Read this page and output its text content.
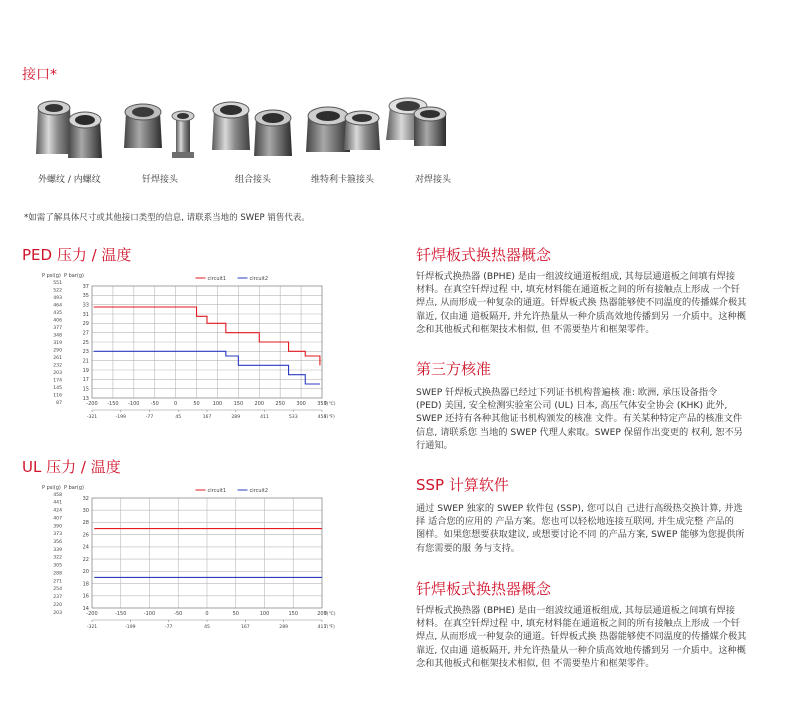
接口*
外螺纹 / 内螺纹	钎焊接头	组合接头	维特利卡箍接头	对焊接头
*如需了解具体尺寸或其他接口类型的信息, 请联系当地的 SWEP 销售代表。
PED 压力 / 温度
P psi(g) P bar(g)	circuit1	circuit2
37
35
33
31
29
27
25
23
21
19
17
15
13
551
522
493
464
435
406
377
348
319
290
261
232
203
174
145
116
87	-200 -150 -100 -50	0	50	100 150 200 250 300 350
T(℃)
-321	-199	-77	45	167	289	411	533	456
T(℉)
UL 压力 / 温度
P psi(g) P bar(g)	circuit1	circuit2
32
30
28
26
24
22
20
18
16
14
458
441
424
407
390
373
356
339
322
305
288
271
254
237
220
203	-200	-150	-100	-50	0	50	100	150	200
T(℃)
-321	-199	-77	45	167	289	411
T(℉)
钎焊板式换热器概念
钎焊板式换热器 (BPHE) 是由一组波纹通道板组成, 其每层通道板之间填有焊接
材料。在真空钎焊过程 中, 填充材料能在通道板之间的所有接触点上形成 一个钎
焊点, 从而形成一种复杂的通道。钎焊板式换 热器能够使不同温度的传播媒介极其
靠近, 仅由通 道板隔开, 并允许热量从一种介质高效地传播到另 一介质中。这种概
念和其他板式和框架技术相似, 但 不需要垫片和框架零件。
第三方核准
SWEP 钎焊板式换热器已经过下列证书机构普遍核 准: 欧洲, 承压设备指令
(PED) 美国, 安全检测实验室公司 (UL) 日本, 高压气体安全协会 (KHK) 此外,
SWEP 还持有各种其他证书机构颁发的核准 文件。有关某种特定产品的核准文件
信息, 请联系您 当地的 SWEP 代理人索取。SWEP 保留作出变更的 权利, 恕不另
行通知。
SSP 计算软件
通过 SWEP 独家的 SWEP 软件包 (SSP), 您可以自 己进行高级热交换计算, 并选
择 适合您的应用的 产品方案。您也可以轻松地连接互联网, 并生成完整 产品的
图样。如果您想要获取建议, 或想要讨论不同 的产品方案, SWEP 能够为您提供所
有您需要的服 务与支持。
钎焊板式换热器概念
钎焊板式换热器 (BPHE) 是由一组波纹通道板组成, 其每层通道板之间填有焊接
材料。在真空钎焊过程 中, 填充材料能在通道板之间的所有接触点上形成 一个钎
焊点, 从而形成一种复杂的通道。钎焊板式换 热器能够使不同温度的传播媒介极其
靠近, 仅由通 道板隔开, 并允许热量从一种介质高效地传播到另 一介质中。这种概
念和其他板式和框架技术相似, 但 不需要垫片和框架零件。
